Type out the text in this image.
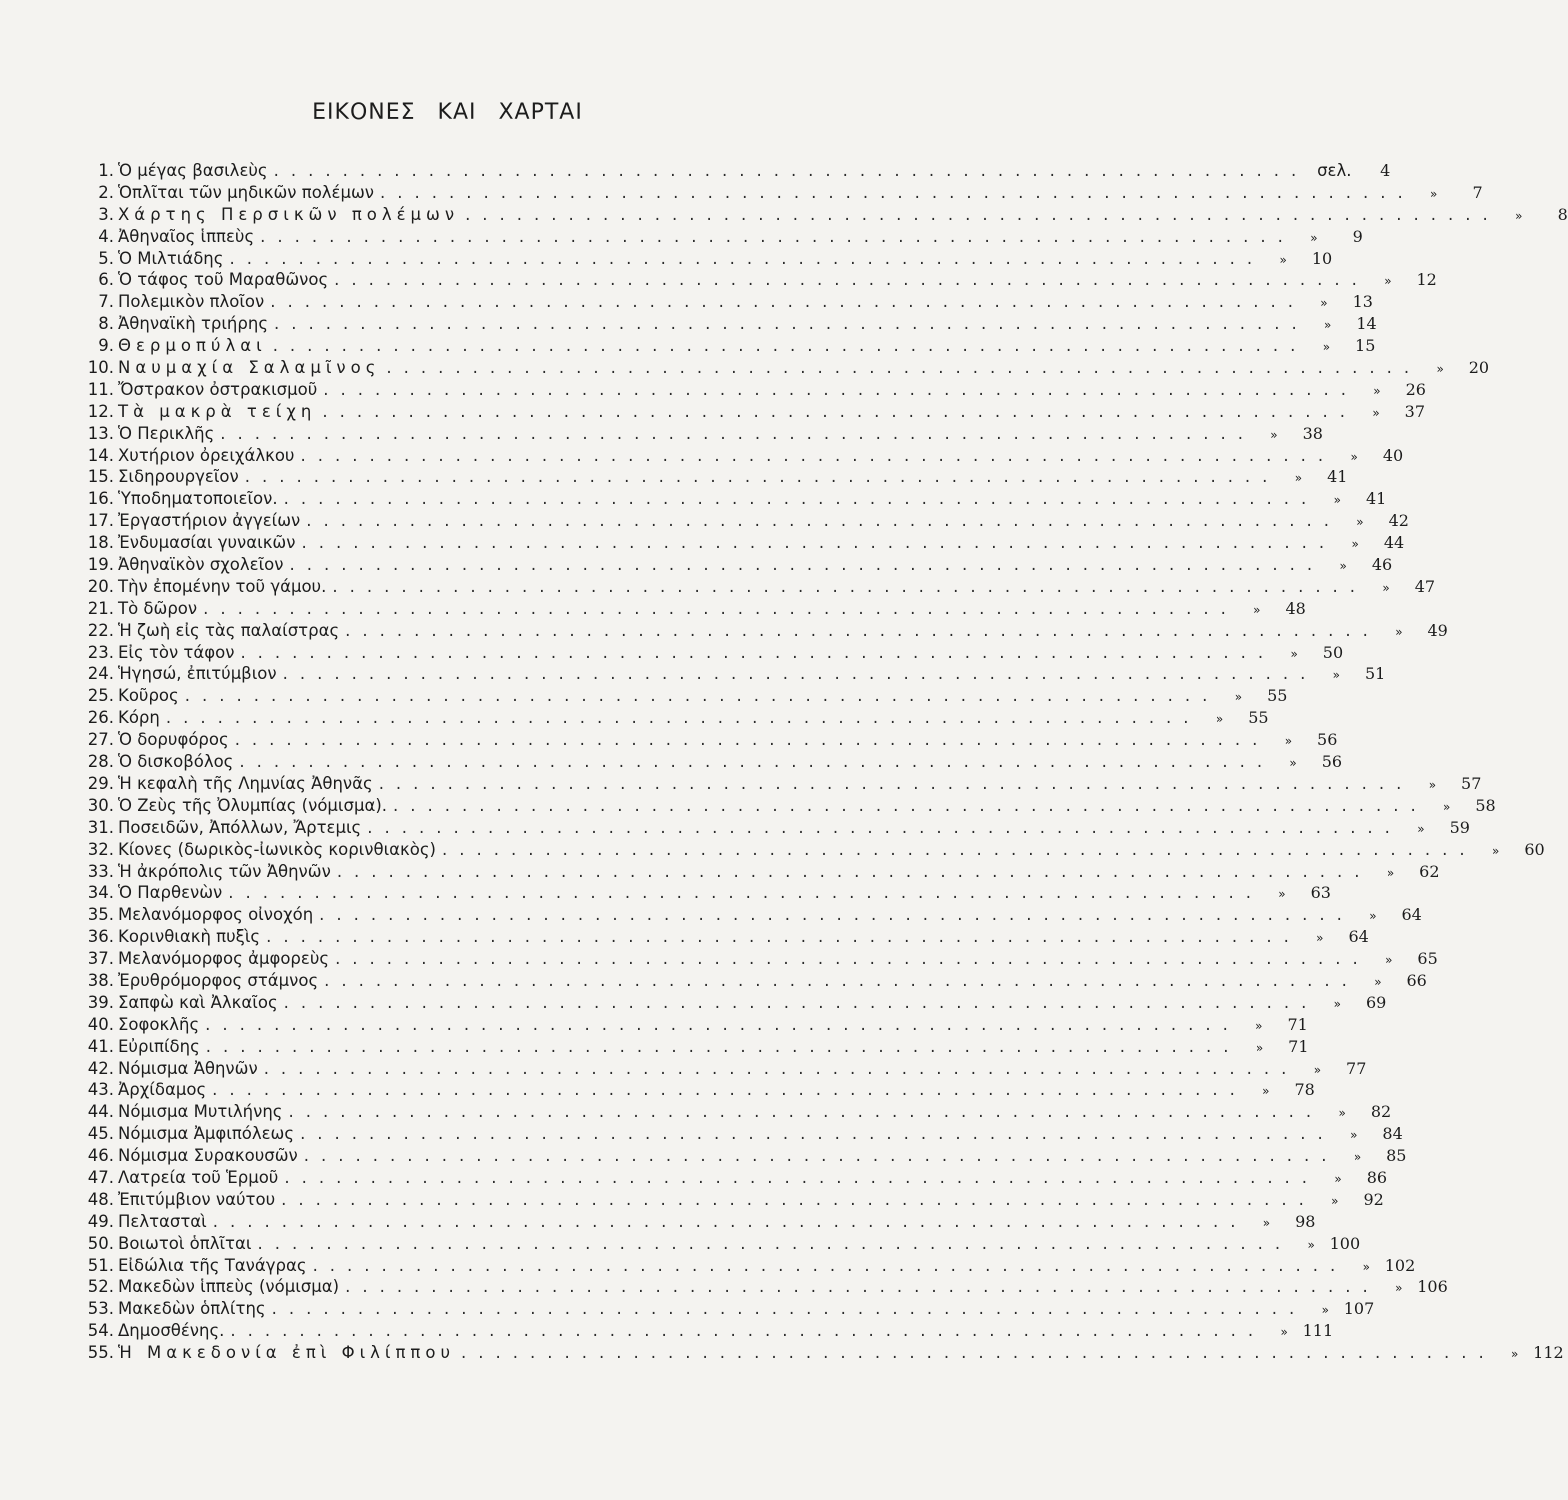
ΕΙΚΟΝΕΣ ΚΑΙ ΧΑΡΤΑΙ
1. Ὁ μέγας βασιλεὺς ............................................................ σελ.	4
2. Ὁπλῖται τῶν μηδικῶν πολέμων ............................................................	»	7
3. Χάρτης Περσικῶν πολέμων ............................................................	»	8
4. Ἀθηναῖος ἱππεὺς ............................................................	»	9
5. Ὁ Μιλτιάδης ............................................................	»	10
6. Ὁ τάφος τοῦ Μαραθῶνος ............................................................	»	12
7. Πολεμικὸν πλοῖον ............................................................	»	13
8. Ἀθηναϊκὴ τριήρης ............................................................	»	14
9. Θερμοπύλαι ............................................................	»	15
10. Ναυμαχία Σαλαμῖνος ............................................................	»	20
11. Ὄστρακον ὀστρακισμοῦ ............................................................	»	26
12. Τὰ μακρὰ τείχη ............................................................	»	37
13. Ὁ Περικλῆς ............................................................	»	38
14. Χυτήριον ὀρειχάλκου ............................................................	»	40
15. Σιδηρουργεῖον ............................................................	»	41
16. Ὑποδηματοποιεῖον. ............................................................	»	41
17. Ἐργαστήριον ἀγγείων ............................................................	»	42
18. Ἐνδυμασίαι γυναικῶν ............................................................	»	44
19. Ἀθηναϊκὸν σχολεῖον ............................................................	»	46
20. Τὴν ἐπομένην τοῦ γάμου. ............................................................	»	47
21. Τὸ δῶρον ............................................................	»	48
22. Ἡ ζωὴ εἰς τὰς παλαίστρας ............................................................	»	49
23. Εἰς τὸν τάφον ............................................................	»	50
24. Ἡγησώ, ἐπιτύμβιον ............................................................	»	51
25. Κοῦρος ............................................................	»	55
26. Κόρη ............................................................	»	55
27. Ὁ δορυφόρος ............................................................	»	56
28. Ὁ δισκοβόλος ............................................................	»	56
29. Ἡ κεφαλὴ τῆς Λημνίας Ἀθηνᾶς ............................................................	»	57
30. Ὁ Ζεὺς τῆς Ὀλυμπίας (νόμισμα). ............................................................	»	58
31. Ποσειδῶν, Ἀπόλλων, Ἄρτεμις ............................................................	»	59
32. Κίονες (δωρικὸς-ἰωνικὸς κορινθιακὸς) ............................................................	»	60
33. Ἡ ἀκρόπολις τῶν Ἀθηνῶν ............................................................	»	62
34. Ὁ Παρθενὼν ............................................................	»	63
35. Μελανόμορφος οἰνοχόη ............................................................	»	64
36. Κορινθιακὴ πυξὶς ............................................................	»	64
37. Μελανόμορφος ἀμφορεὺς ............................................................	»	65
38. Ἐρυθρόμορφος στάμνος ............................................................	»	66
39. Σαπφὼ καὶ Ἀλκαῖος ............................................................	»	69
40. Σοφοκλῆς ............................................................	»	71
41. Εὐριπίδης ............................................................	»	71
42. Νόμισμα Ἀθηνῶν ............................................................	»	77
43. Ἀρχίδαμος ............................................................	»	78
44. Νόμισμα Μυτιλήνης ............................................................	»	82
45. Νόμισμα Ἀμφιπόλεως ............................................................	»	84
46. Νόμισμα Συρακουσῶν ............................................................	»	85
47. Λατρεία τοῦ Ἑρμοῦ ............................................................	»	86
48. Ἐπιτύμβιον ναύτου ............................................................	»	92
49. Πελτασταὶ ............................................................	»	98
50. Βοιωτοὶ ὁπλῖται ............................................................	» 100
51. Εἰδώλια τῆς Τανάγρας ............................................................	» 102
52. Μακεδὼν ἱππεὺς (νόμισμα) ............................................................	» 106
53. Μακεδὼν ὁπλίτης ............................................................	» 107
54. Δημοσθένης. ............................................................	» 111
55. Ἡ Μακεδονία ἐπὶ Φιλίππου ............................................................	» 112
